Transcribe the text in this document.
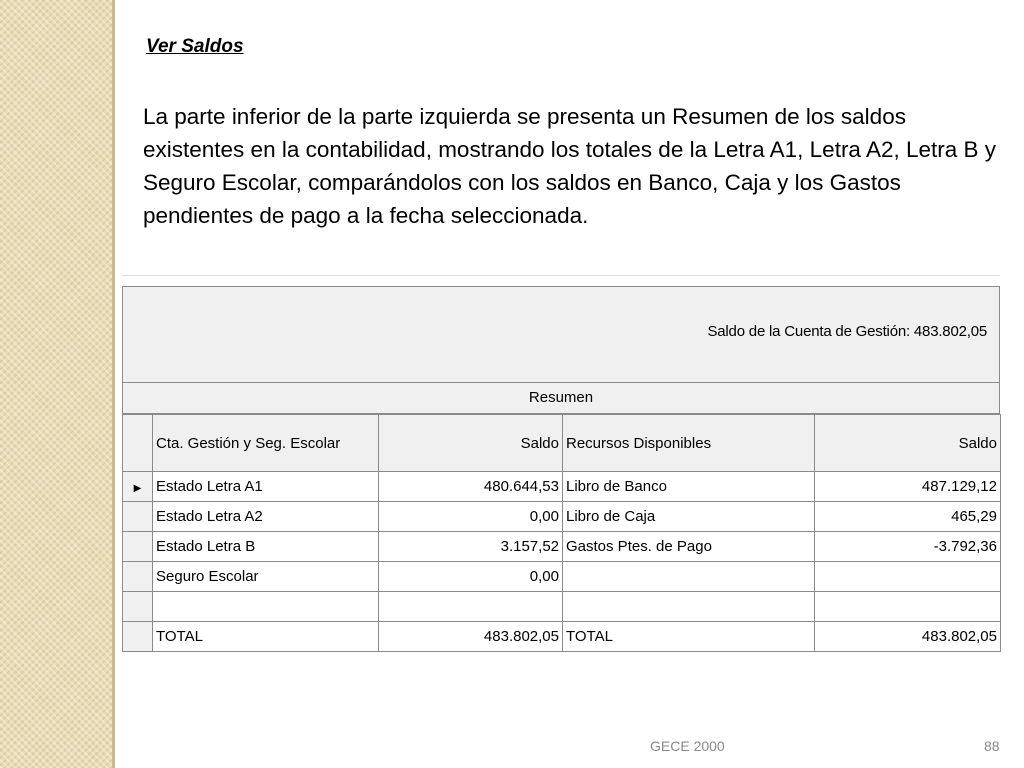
Ver Saldos

La parte inferior de la parte izquierda se presenta un Resumen de los saldos existentes en la contabilidad, mostrando los totales de la Letra A1, Letra A2, Letra B y Seguro Escolar, comparándolos con los saldos en Banco, Caja y los Gastos pendientes de pago a la fecha seleccionada.

Saldo de la Cuenta de Gestión: 483.802,05
Resumen
	Cta. Gestión y Seg. Escolar	Saldo	Recursos Disponibles	Saldo
▶	Estado Letra A1	480.644,53	Libro de Banco	487.129,12
	Estado Letra A2	0,00	Libro de Caja	465,29
	Estado Letra B	3.157,52	Gastos Ptes. de Pago	-3.792,36
	Seguro Escolar	0,00		

	TOTAL	483.802,05	TOTAL	483.802,05
GECE 2000	88
